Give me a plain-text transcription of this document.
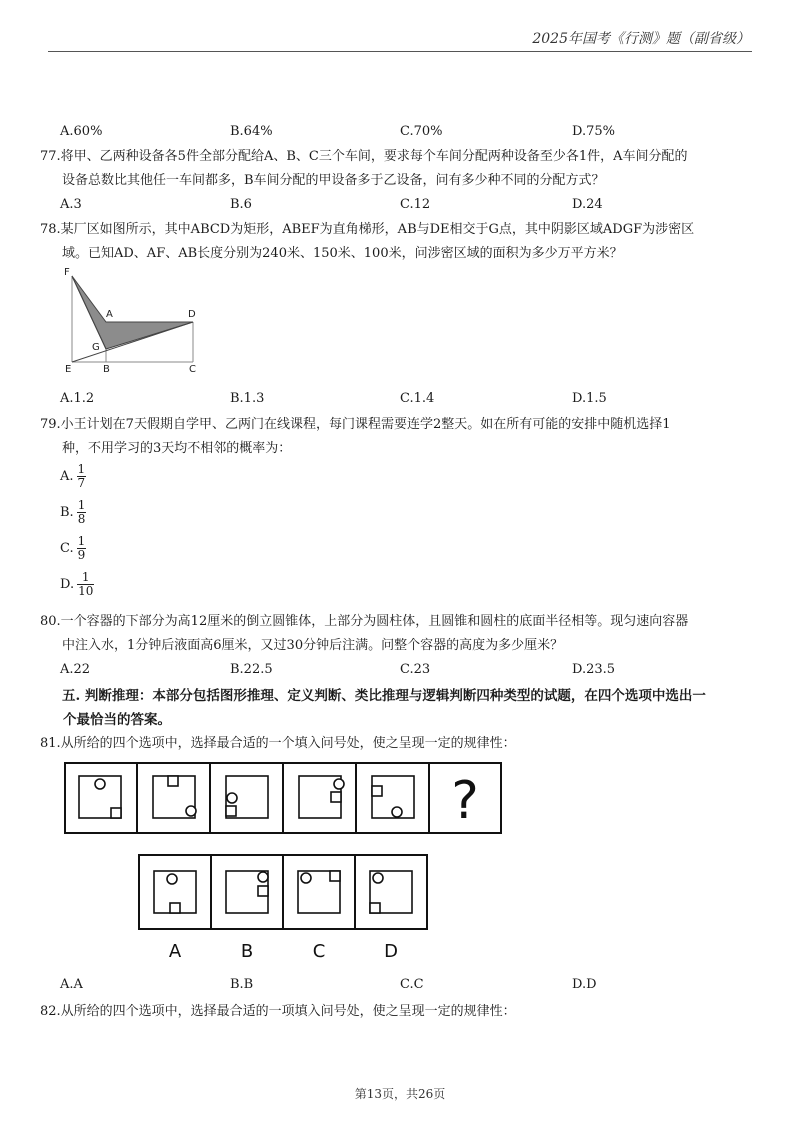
2025年国考《行测》题（副省级）
A.60%	B.64%	C.70%	D.75%
77.将甲、乙两种设备各5件全部分配给A、B、C三个车间，要求每个车间分配两种设备至少各1件，A车间分配的
设备总数比其他任一车间都多，B车间分配的甲设备多于乙设备，问有多少种不同的分配方式？
A.3	B.6	C.12	D.24
78.某厂区如图所示，其中ABCD为矩形，ABEF为直角梯形，AB与DE相交于G点，其中阴影区域ADGF为涉密区
域。已知AD、AF、AB长度分别为240米、150米、100米，问涉密区域的面积为多少万平方米？
F
A	D
G
E	B	C
A.1.2	B.1.3	C.1.4	D.1.5
79.小王计划在7天假期自学甲、乙两门在线课程，每门课程需要连学2整天。如在所有可能的安排中随机选择1
种，不用学习的3天均不相邻的概率为：
A. $\frac{1}{7}$
B. $\frac{1}{8}$
C. $\frac{1}{9}$
D. $\frac{1}{10}$
80.一个容器的下部分为高12厘米的倒立圆锥体，上部分为圆柱体，且圆锥和圆柱的底面半径相等。现匀速向容器
中注入水，1分钟后液面高6厘米，又过30分钟后注满。问整个容器的高度为多少厘米？
A.22	B.22.5	C.23	D.23.5
五. 判断推理：本部分包括图形推理、定义判断、类比推理与逻辑判断四种类型的试题，在四个选项中选出一
个最恰当的答案。
81.从所给的四个选项中，选择最合适的一个填入问号处，使之呈现一定的规律性：
?
A	B	C	D
A.A	B.B	C.C	D.D
82.从所给的四个选项中，选择最合适的一项填入问号处，使之呈现一定的规律性：
第13页，共26页
